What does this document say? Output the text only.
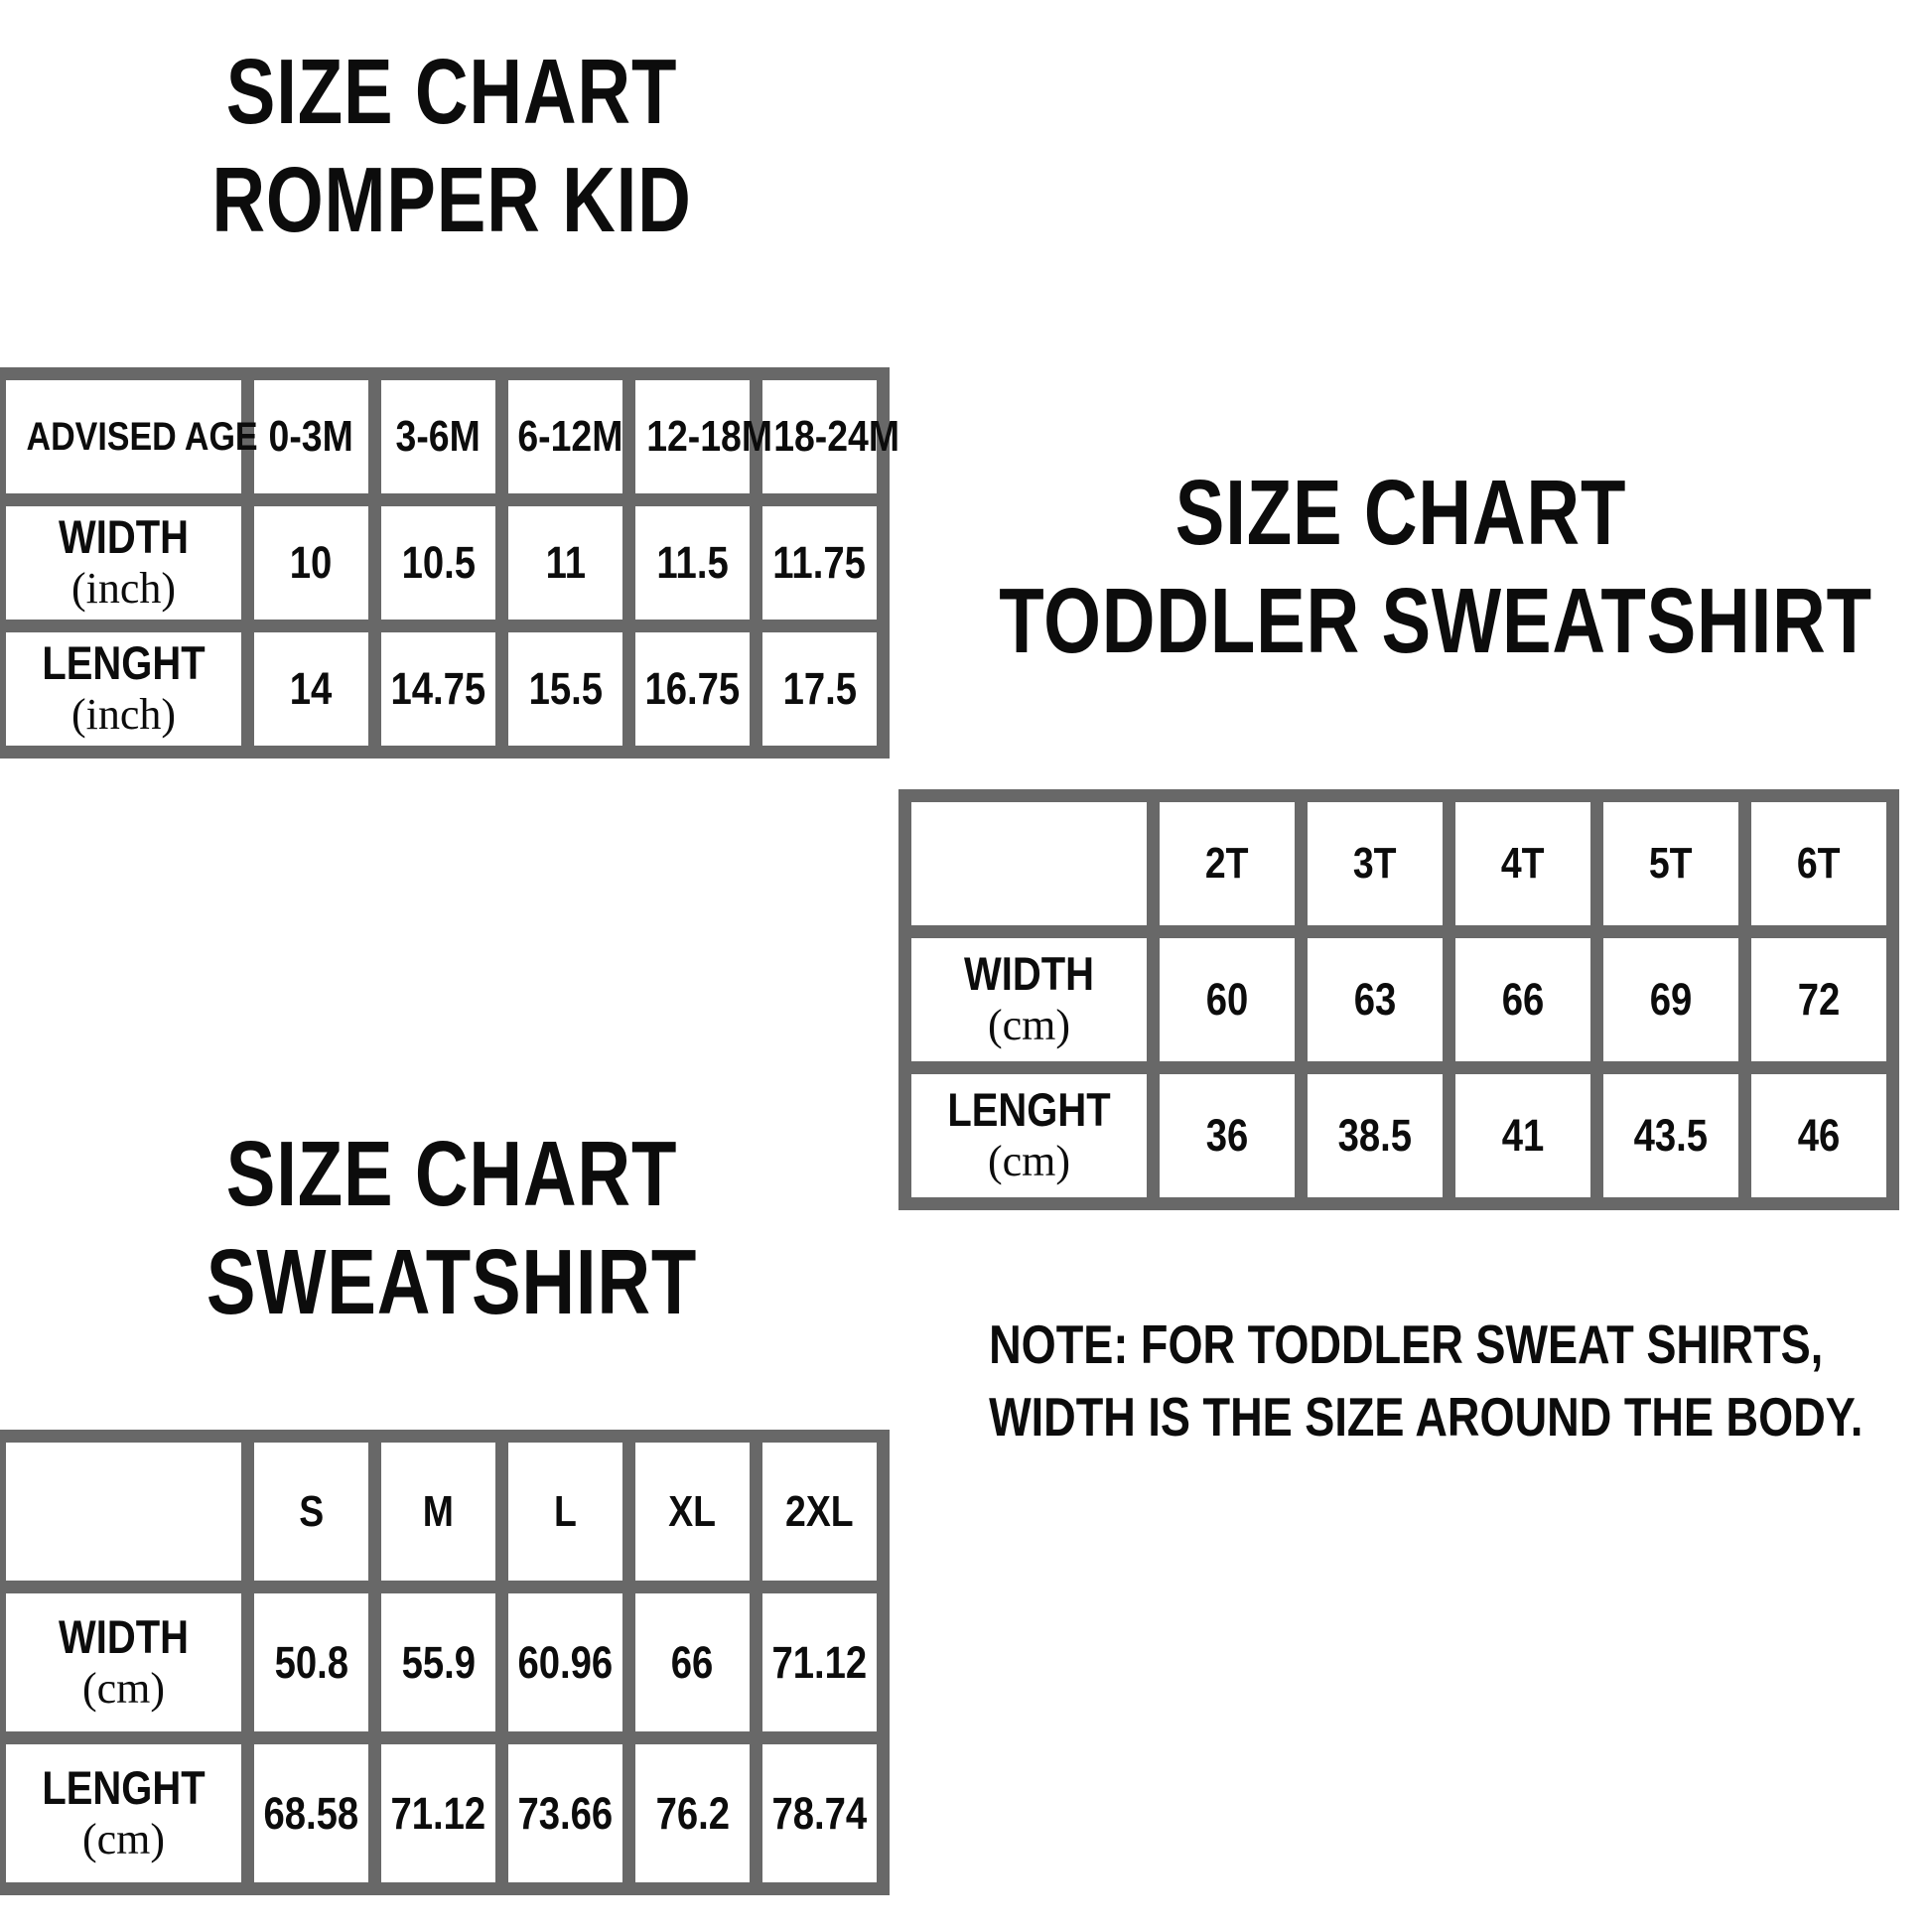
SIZE CHART
ROMPER KID
ADVISED AGE	0-3M	3-6M	6-12M	12-18M	18-24M

WIDTH
(inch)	10	10.5	11	11.5	11.75

LENGHT
(inch)	14	14.75	15.5	16.75	17.5
SIZE CHART
TODDLER SWEATSHIRT
	2T	3T	4T	5T	6T

WIDTH
(cm)	60	63	66	69	72

LENGHT
(cm)	36	38.5	41	43.5	46
NOTE: FOR TODDLER SWEAT SHIRTS,
WIDTH IS THE SIZE AROUND THE BODY.
SIZE CHART
SWEATSHIRT
	S	M	L	XL	2XL

WIDTH
(cm)	50.8	55.9	60.96	66	71.12

LENGHT
(cm)	68.58	71.12	73.66	76.2	78.74
